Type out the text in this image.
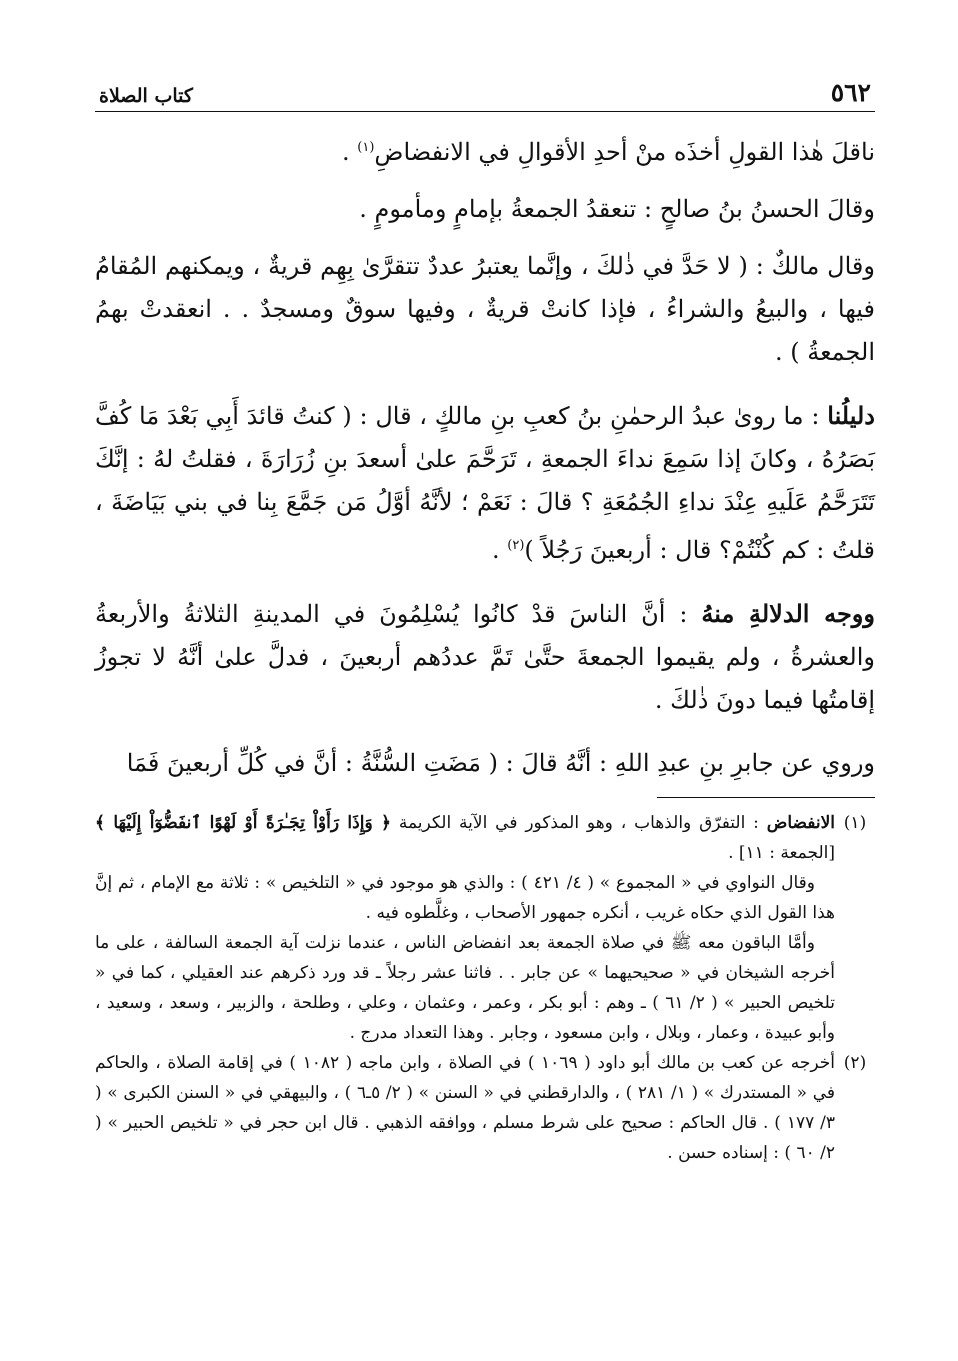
٥٦٢
كتاب الصلاة

ناقلَ هٰذا القولِ أخذَه منْ أحدِ الأقوالِ في الانفضاضِ$^{(١)}$ .

وقالَ الحسنُ بنُ صالحٍ : تنعقدُ الجمعةُ بإمامٍ ومأمومٍ .

وقال مالكٌ : ( لا حَدَّ في ذٰلكَ ، وإنَّما يعتبرُ عددٌ تتقرَّىٰ بِهِم قريةٌ ، ويمكنهم المُقامُ فيها ، والبيعُ والشراءُ ، فإذا كانتْ قريةٌ ، وفيها سوقٌ ومسجدٌ . . انعقدتْ بهمُ الجمعةُ ) .

دليلُنا : ما روىٰ عبدُ الرحمٰنِ بنُ كعبِ بنِ مالكٍ ، قال : ( كنتُ قائدَ أَبِي بَعْدَ مَا كُفَّ بَصَرُهُ ، وكانَ إذا سَمِعَ نداءَ الجمعةِ ، تَرَحَّمَ علىٰ أسعدَ بنِ زُرَارَةَ ، فقلتُ لهُ : إنَّكَ تَتَرَحَّمُ عَلَيهِ عِنْدَ نداءِ الجُمُعَةِ ؟ قالَ : نَعَمْ ؛ لأنَّهُ أوَّلُ مَن جَمَّعَ بِنا في بني بَيَاضَةَ ، قلتُ : كم كُنْتُمْ؟ قال : أربعينَ رَجُلاً )$^{(٢)}$ .

ووجه الدلالةِ منهُ : أنَّ الناسَ قدْ كانُوا يُسْلِمُونَ في المدينةِ الثلاثةُ والأربعةُ والعشرةُ ، ولم يقيموا الجمعةَ حتَّىٰ تَمَّ عددُهم أربعينَ ، فدلَّ علىٰ أنَّهُ لا تجوزُ إقامتُها فيما دونَ ذٰلكَ .

وروي عن جابرِ بنِ عبدِ اللهِ : أنَّهُ قالَ : ( مَضَتِ السُّنَّةُ : أنَّ في كُلِّ أربعينَ فَمَا

(١)

الانفضاض : التفرّق والذهاب ، وهو المذكور في الآية الكريمة ﴿ وَإِذَا رَأَوْاْ تِجَـٰرَةً أَوْ لَهْوًا ٱنفَضُّوٓاْ إِلَيْهَا ﴾ [الجمعة : ١١] .

وقال النواوي في « المجموع » ( ٤/ ٤٢١ ) : والذي هو موجود في « التلخيص » : ثلاثة مع الإمام ، ثم إنَّ هذا القول الذي حكاه غريب ، أنكره جمهور الأصحاب ، وغلَّطوه فيه .

وأمَّا الباقون معه ﷺ في صلاة الجمعة بعد انفضاض الناس ، عندما نزلت آية الجمعة السالفة ، على ما أخرجه الشيخان في « صحيحيهما » عن جابر . . فاثنا عشر رجلاً ـ قد ورد ذكرهم عند العقيلي ، كما في « تلخيص الحبير » ( ٢/ ٦١ ) ـ وهم : أبو بكر ، وعمر ، وعثمان ، وعلي ، وطلحة ، والزبير ، وسعد ، وسعيد ، وأبو عبيدة ، وعمار ، وبلال ، وابن مسعود ، وجابر . وهذا التعداد مدرج .

(٢)

أخرجه عن كعب بن مالك أبو داود ( ١٠٦٩ ) في الصلاة ، وابن ماجه ( ١٠٨٢ ) في إقامة الصلاة ، والحاكم في « المستدرك » ( ١/ ٢٨١ ) ، والدارقطني في « السنن » ( ٢/ ٥ـ٦ ) ، والبيهقي في « السنن الكبرى » ( ٣/ ١٧٧ ) . قال الحاكم : صحيح على شرط مسلم ، ووافقه الذهبي . قال ابن حجر في « تلخيص الحبير » ( ٢/ ٦٠ ) : إسناده حسن .
